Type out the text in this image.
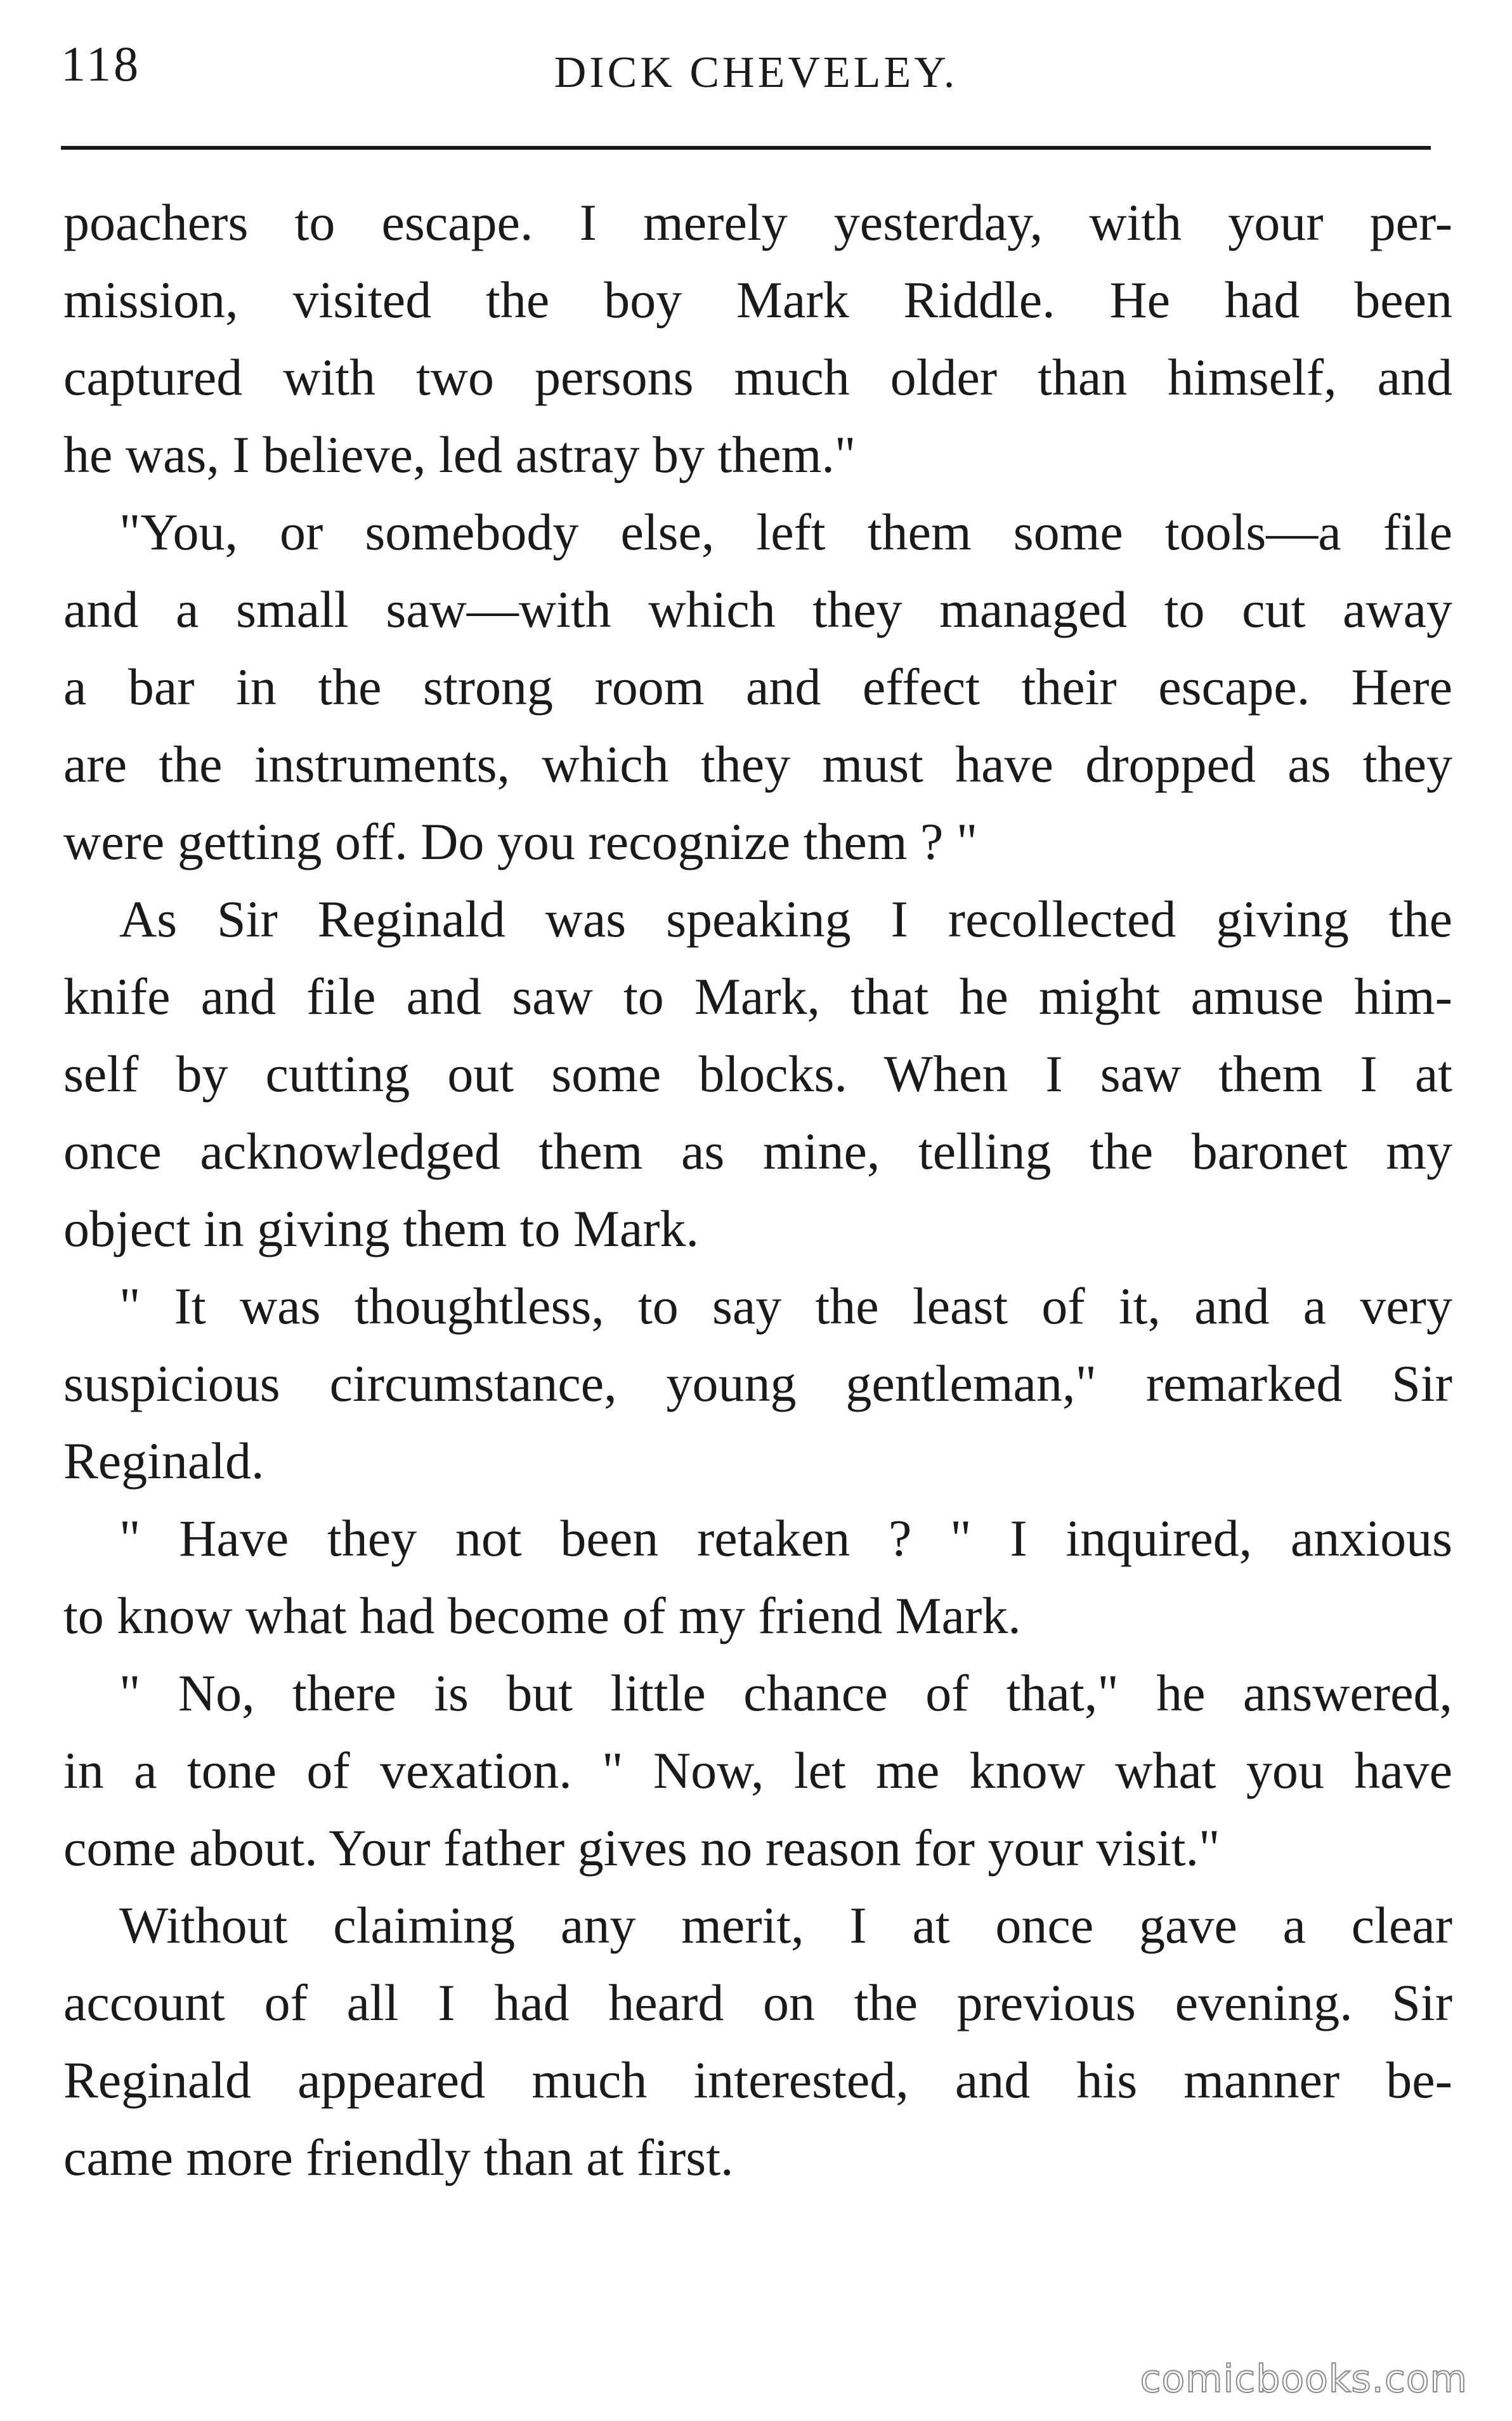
118	DICK CHEVELEY.
poachers to escape. I merely yesterday, with your per-
mission, visited the boy Mark Riddle. He had been
captured with two persons much older than himself, and
he was, I believe, led astray by them."
"You, or somebody else, left them some tools—a file
and a small saw—with which they managed to cut away
a bar in the strong room and effect their escape. Here
are the instruments, which they must have dropped as they
were getting off. Do you recognize them ? "
As Sir Reginald was speaking I recollected giving the
knife and file and saw to Mark, that he might amuse him-
self by cutting out some blocks. When I saw them I at
once acknowledged them as mine, telling the baronet my
object in giving them to Mark.
" It was thoughtless, to say the least of it, and a very
suspicious circumstance, young gentleman," remarked Sir
Reginald.
" Have they not been retaken ? " I inquired, anxious
to know what had become of my friend Mark.
" No, there is but little chance of that," he answered,
in a tone of vexation. " Now, let me know what you have
come about. Your father gives no reason for your visit."
Without claiming any merit, I at once gave a clear
account of all I had heard on the previous evening. Sir
Reginald appeared much interested, and his manner be-
came more friendly than at first.
comicbooks.com
